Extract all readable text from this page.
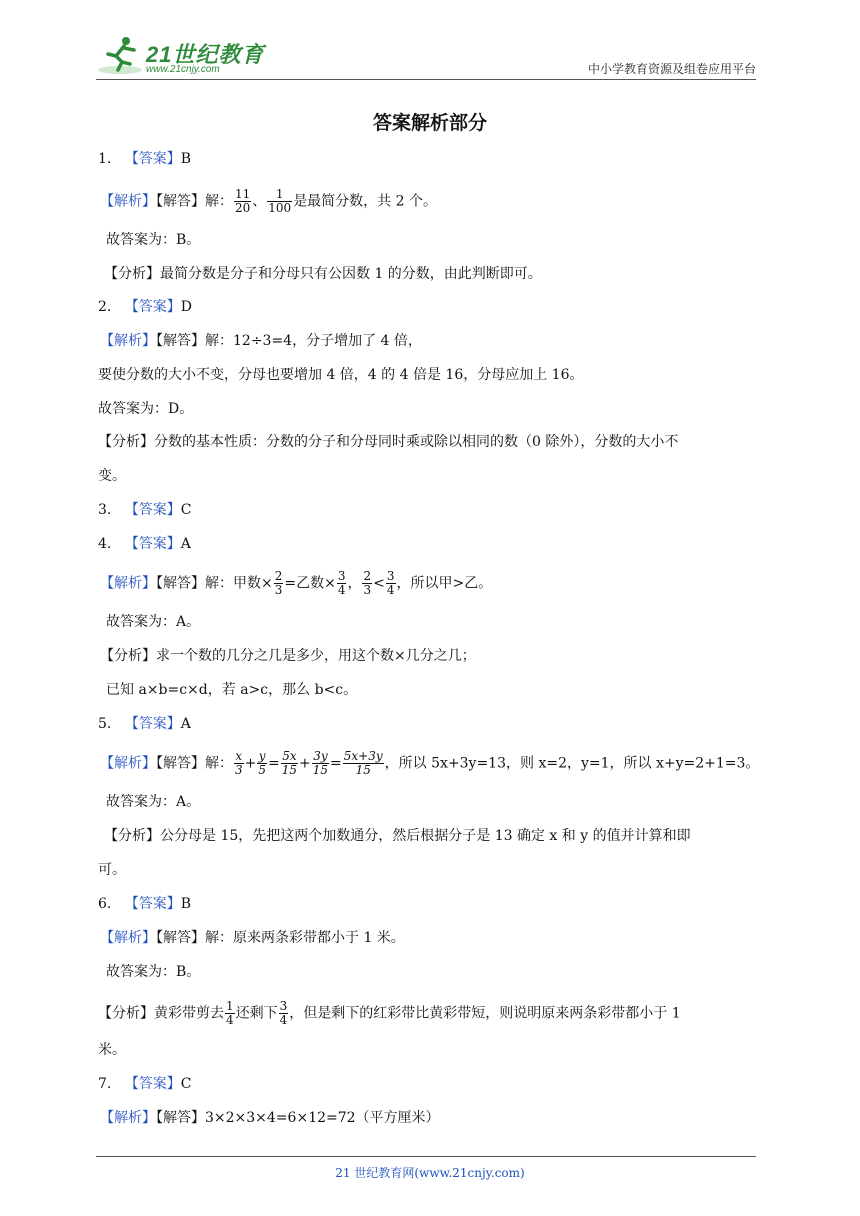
21世纪教育
www.21cnjy.com	中小学教育资源及组卷应用平台
答案解析部分
1. 【答案】B
【解析】【解答】解： $\frac{11}{20}$ 、 $\frac{1}{100}$ 是最简分数，共 2 个。
故答案为：B。
【分析】最简分数是分子和分母只有公因数 1 的分数，由此判断即可。
2. 【答案】D
【解析】【解答】解：12÷3=4，分子增加了 4 倍，
要使分数的大小不变，分母也要增加 4 倍，4 的 4 倍是 16，分母应加上 16。
故答案为：D。
【分析】分数的基本性质：分数的分子和分母同时乘或除以相同的数（0 除外），分数的大小不
变。
3. 【答案】C
4. 【答案】A
【解析】【解答】解：甲数× $\frac{2}{3}$ =乙数× $\frac{3}{4}$ ， $\frac{2}{3} < \frac{3}{4}$ ，所以甲>乙。
故答案为：A。
【分析】求一个数的几分之几是多少，用这个数×几分之几；
已知 a×b=c×d，若 a>c，那么 b<c。
5. 【答案】A
【解析】【解答】解： $\frac{x}{3} + \frac{y}{5} = \frac{5x}{15} + \frac{3y}{15} = \frac{5x+3y}{15}$ ，所以 5x+3y=13，则 x=2，y=1，所以 x+y=2+1=3。
故答案为：A。
【分析】公分母是 15，先把这两个加数通分，然后根据分子是 13 确定 x 和 y 的值并计算和即
可。
6. 【答案】B
【解析】【解答】解：原来两条彩带都小于 1 米。
故答案为：B。
【分析】黄彩带剪去 $\frac{1}{4}$ 还剩下 $\frac{3}{4}$ ，但是剩下的红彩带比黄彩带短，则说明原来两条彩带都小于 1
米。
7. 【答案】C
【解析】【解答】3×2×3×4=6×12=72（平方厘米）
21 世纪教育网(www.21cnjy.com)
